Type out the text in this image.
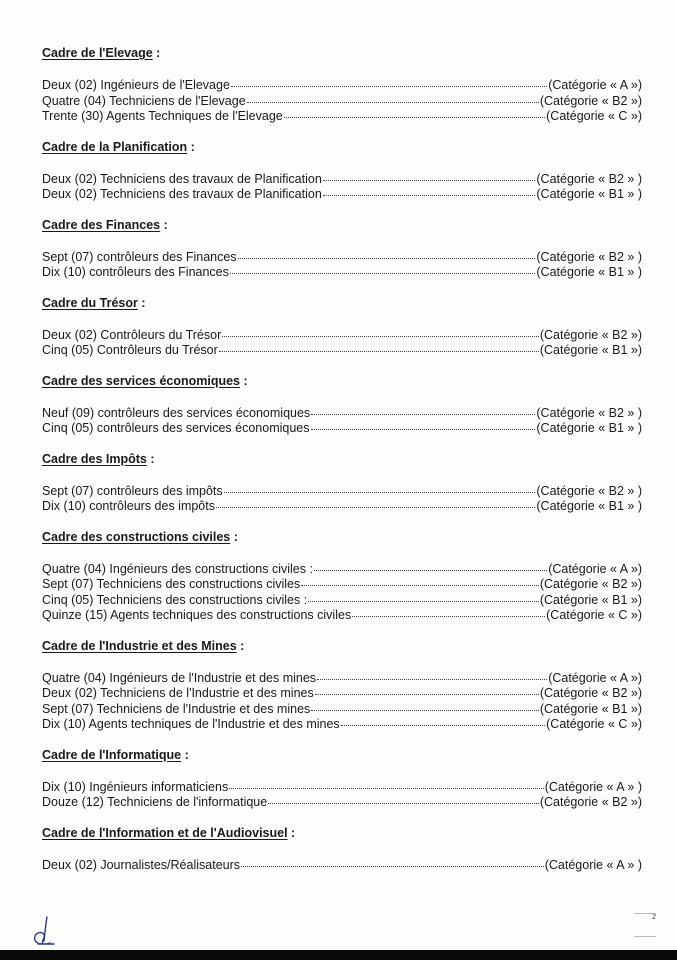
Cadre de l'Elevage :
Deux (02) Ingénieurs de l'Elevage	(Catégorie « A »)
Quatre (04) Techniciens de l'Elevage	(Catégorie « B2 »)
Trente (30) Agents Techniques de l'Elevage	(Catégorie « C »)
Cadre de la Planification :
Deux (02) Techniciens des travaux de Planification	(Catégorie « B2 » )
Deux (02) Techniciens des travaux de Planification	(Catégorie « B1 » )
Cadre des Finances :
Sept (07) contrôleurs des Finances	(Catégorie « B2 » )
Dix (10) contrôleurs des Finances	(Catégorie « B1 » )
Cadre du Trésor :
Deux (02) Contrôleurs du Trésor	(Catégorie « B2 »)
Cinq (05) Contrôleurs du Trésor	(Catégorie « B1 »)
Cadre des services économiques :
Neuf (09) contrôleurs des services économiques	(Catégorie « B2 » )
Cinq (05) contrôleurs des services économiques	(Catégorie « B1 » )
Cadre des Impôts :
Sept (07) contrôleurs des impôts	(Catégorie « B2 » )
Dix (10) contrôleurs des impôts	(Catégorie « B1 » )
Cadre des constructions civiles :
Quatre (04) Ingénieurs des constructions civiles :	(Catégorie « A »)
Sept (07) Techniciens des constructions civiles	(Catégorie « B2 »)
Cinq (05) Techniciens des constructions civiles :	(Catégorie « B1 »)
Quinze (15) Agents techniques des constructions civiles	(Catégorie « C »)
Cadre de l'Industrie et des Mines :
Quatre (04) Ingénieurs de l'Industrie et des mines	(Catégorie « A »)
Deux (02) Techniciens de l'Industrie et des mines	(Catégorie « B2 »)
Sept (07) Techniciens de l'Industrie et des mines	(Catégorie « B1 »)
Dix (10) Agents techniques de l'Industrie et des mines	(Catégorie « C »)
Cadre de l'Informatique :
Dix (10) Ingénieurs informaticiens	(Catégorie « A » )
Douze (12) Techniciens de l'informatique	(Catégorie « B2 »)
Cadre de l'Information et de l'Audiovisuel :
Deux (02) Journalistes/Réalisateurs	(Catégorie « A » )
2
